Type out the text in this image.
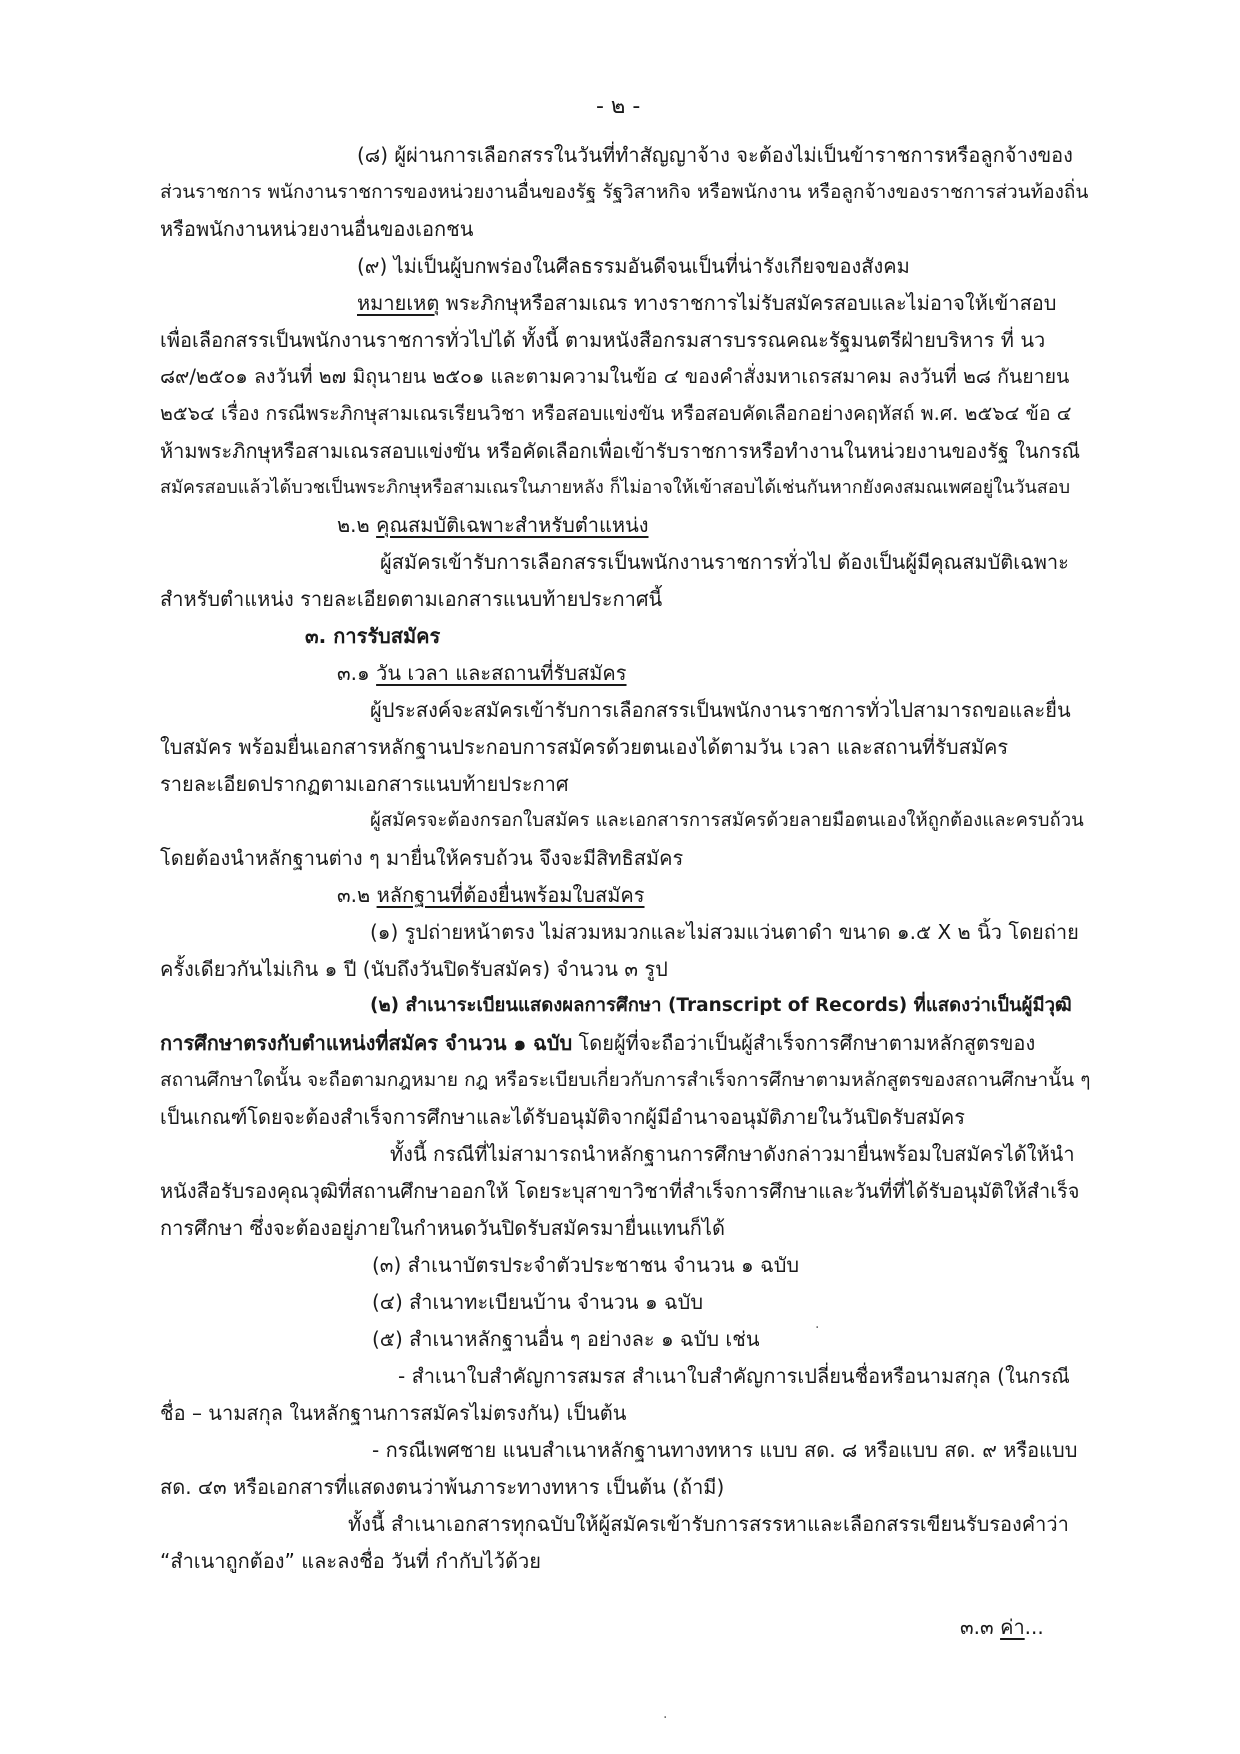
- ๒ -

(๘) ผู้ผ่านการเลือกสรรในวันที่ทำสัญญาจ้าง จะต้องไม่เป็นข้าราชการหรือลูกจ้างของ

ส่วนราชการ พนักงานราชการของหน่วยงานอื่นของรัฐ รัฐวิสาหกิจ หรือพนักงาน หรือลูกจ้างของราชการส่วนท้องถิ่น

หรือพนักงานหน่วยงานอื่นของเอกชน

(๙) ไม่เป็นผู้บกพร่องในศีลธรรมอันดีจนเป็นที่น่ารังเกียจของสังคม

หมายเหตุ พระภิกษุหรือสามเณร ทางราชการไม่รับสมัครสอบและไม่อาจให้เข้าสอบ

เพื่อเลือกสรรเป็นพนักงานราชการทั่วไปได้ ทั้งนี้ ตามหนังสือกรมสารบรรณคณะรัฐมนตรีฝ่ายบริหาร ที่ นว

๘๙/๒๕๐๑ ลงวันที่ ๒๗ มิถุนายน ๒๕๐๑ และตามความในข้อ ๔ ของคำสั่งมหาเถรสมาคม ลงวันที่ ๒๘ กันยายน

๒๕๖๔ เรื่อง กรณีพระภิกษุสามเณรเรียนวิชา หรือสอบแข่งขัน หรือสอบคัดเลือกอย่างคฤหัสถ์ พ.ศ. ๒๕๖๔ ข้อ ๔

ห้ามพระภิกษุหรือสามเณรสอบแข่งขัน หรือคัดเลือกเพื่อเข้ารับราชการหรือทำงานในหน่วยงานของรัฐ ในกรณี

สมัครสอบแล้วได้บวชเป็นพระภิกษุหรือสามเณรในภายหลัง ก็ไม่อาจให้เข้าสอบได้เช่นกันหากยังคงสมณเพศอยู่ในวันสอบ

๒.๒ คุณสมบัติเฉพาะสำหรับตำแหน่ง

ผู้สมัครเข้ารับการเลือกสรรเป็นพนักงานราชการทั่วไป ต้องเป็นผู้มีคุณสมบัติเฉพาะ

สำหรับตำแหน่ง รายละเอียดตามเอกสารแนบท้ายประกาศนี้

๓. การรับสมัคร

๓.๑ วัน เวลา และสถานที่รับสมัคร

ผู้ประสงค์จะสมัครเข้ารับการเลือกสรรเป็นพนักงานราชการทั่วไปสามารถขอและยื่น

ใบสมัคร พร้อมยื่นเอกสารหลักฐานประกอบการสมัครด้วยตนเองได้ตามวัน เวลา และสถานที่รับสมัคร

รายละเอียดปรากฏตามเอกสารแนบท้ายประกาศ

ผู้สมัครจะต้องกรอกใบสมัคร และเอกสารการสมัครด้วยลายมือตนเองให้ถูกต้องและครบถ้วน

โดยต้องนำหลักฐานต่าง ๆ มายื่นให้ครบถ้วน จึงจะมีสิทธิสมัคร

๓.๒ หลักฐานที่ต้องยื่นพร้อมใบสมัคร

(๑) รูปถ่ายหน้าตรง ไม่สวมหมวกและไม่สวมแว่นตาดำ ขนาด ๑.๕ X ๒ นิ้ว โดยถ่าย

ครั้งเดียวกันไม่เกิน ๑ ปี (นับถึงวันปิดรับสมัคร) จำนวน ๓ รูป

(๒) สำเนาระเบียนแสดงผลการศึกษา (Transcript of Records) ที่แสดงว่าเป็นผู้มีวุฒิ

การศึกษาตรงกับตำแหน่งที่สมัคร จำนวน ๑ ฉบับ โดยผู้ที่จะถือว่าเป็นผู้สำเร็จการศึกษาตามหลักสูตรของ

สถานศึกษาใดนั้น จะถือตามกฎหมาย กฎ หรือระเบียบเกี่ยวกับการสำเร็จการศึกษาตามหลักสูตรของสถานศึกษานั้น ๆ

เป็นเกณฑ์โดยจะต้องสำเร็จการศึกษาและได้รับอนุมัติจากผู้มีอำนาจอนุมัติภายในวันปิดรับสมัคร

ทั้งนี้ กรณีที่ไม่สามารถนำหลักฐานการศึกษาดังกล่าวมายื่นพร้อมใบสมัครได้ให้นำ

หนังสือรับรองคุณวุฒิที่สถานศึกษาออกให้ โดยระบุสาขาวิชาที่สำเร็จการศึกษาและวันที่ที่ได้รับอนุมัติให้สำเร็จ

การศึกษา ซึ่งจะต้องอยู่ภายในกำหนดวันปิดรับสมัครมายื่นแทนก็ได้

(๓) สำเนาบัตรประจำตัวประชาชน จำนวน ๑ ฉบับ

(๔) สำเนาทะเบียนบ้าน จำนวน ๑ ฉบับ

(๕) สำเนาหลักฐานอื่น ๆ อย่างละ ๑ ฉบับ เช่น	·

- สำเนาใบสำคัญการสมรส สำเนาใบสำคัญการเปลี่ยนชื่อหรือนามสกุล (ในกรณี

ชื่อ – นามสกุล ในหลักฐานการสมัครไม่ตรงกัน) เป็นต้น

- กรณีเพศชาย แนบสำเนาหลักฐานทางทหาร แบบ สด. ๘ หรือแบบ สด. ๙ หรือแบบ

สด. ๔๓ หรือเอกสารที่แสดงตนว่าพ้นภาระทางทหาร เป็นต้น (ถ้ามี)

ทั้งนี้ สำเนาเอกสารทุกฉบับให้ผู้สมัครเข้ารับการสรรหาและเลือกสรรเขียนรับรองคำว่า

“สำเนาถูกต้อง” และลงชื่อ วันที่ กำกับไว้ด้วย

๓.๓ ค่า...

·
